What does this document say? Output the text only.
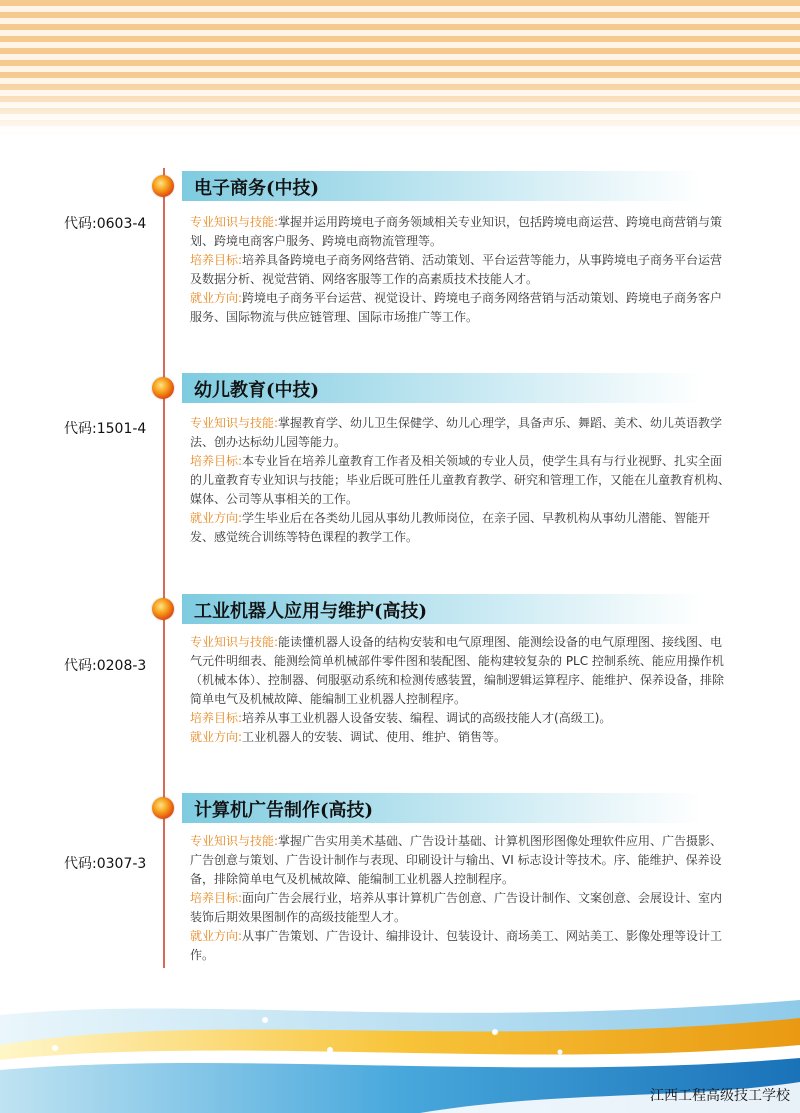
电子商务(中技)
代码:0603-4	专业知识与技能:掌握并运用跨境电子商务领域相关专业知识，包括跨境电商运营、跨境电商营销与策划、跨境电商客户服务、跨境电商物流管理等。

培养目标:培养具备跨境电子商务网络营销、活动策划、平台运营等能力，从事跨境电子商务平台运营及数据分析、视觉营销、网络客服等工作的高素质技术技能人才。

就业方向:跨境电子商务平台运营、视觉设计、跨境电子商务网络营销与活动策划、跨境电子商务客户服务、国际物流与供应链管理、国际市场推广等工作。

幼儿教育(中技)
代码:1501-4	专业知识与技能:掌握教育学、幼儿卫生保健学、幼儿心理学，具备声乐、舞蹈、美术、幼儿英语教学法、创办达标幼儿园等能力。

培养目标:本专业旨在培养儿童教育工作者及相关领域的专业人员，使学生具有与行业视野、扎实全面的儿童教育专业知识与技能；毕业后既可胜任儿童教育教学、研究和管理工作，又能在儿童教育机构、媒体、公司等从事相关的工作。

就业方向:学生毕业后在各类幼儿园从事幼儿教师岗位，在亲子园、早教机构从事幼儿潜能、智能开发、感觉统合训练等特色课程的教学工作。

工业机器人应用与维护(高技)
代码:0208-3

专业知识与技能:能读懂机器人设备的结构安装和电气原理图、能测绘设备的电气原理图、接线图、电气元件明细表、能测绘简单机械部件零件图和装配图、能构建较复杂的 PLC 控制系统、能应用操作机（机械本体）、控制器、伺服驱动系统和检测传感装置，编制逻辑运算程序、能维护、保养设备，排除简单电气及机械故障、能编制工业机器人控制程序。

培养目标:培养从事工业机器人设备安装、编程、调试的高级技能人才(高级工)。

就业方向:工业机器人的安装、调试、使用、维护、销售等。

计算机广告制作(高技)
代码:0307-3

专业知识与技能:掌握广告实用美术基础、广告设计基础、计算机图形图像处理软件应用、广告摄影、广告创意与策划、广告设计制作与表现、印刷设计与输出、VI 标志设计等技术。序、能维护、保养设备，排除简单电气及机械故障、能编制工业机器人控制程序。

培养目标:面向广告会展行业，培养从事计算机广告创意、广告设计制作、文案创意、会展设计、室内装饰后期效果图制作的高级技能型人才。

就业方向:从事广告策划、广告设计、编排设计、包装设计、商场美工、网站美工、影像处理等设计工作。

江西工程高级技工学校
